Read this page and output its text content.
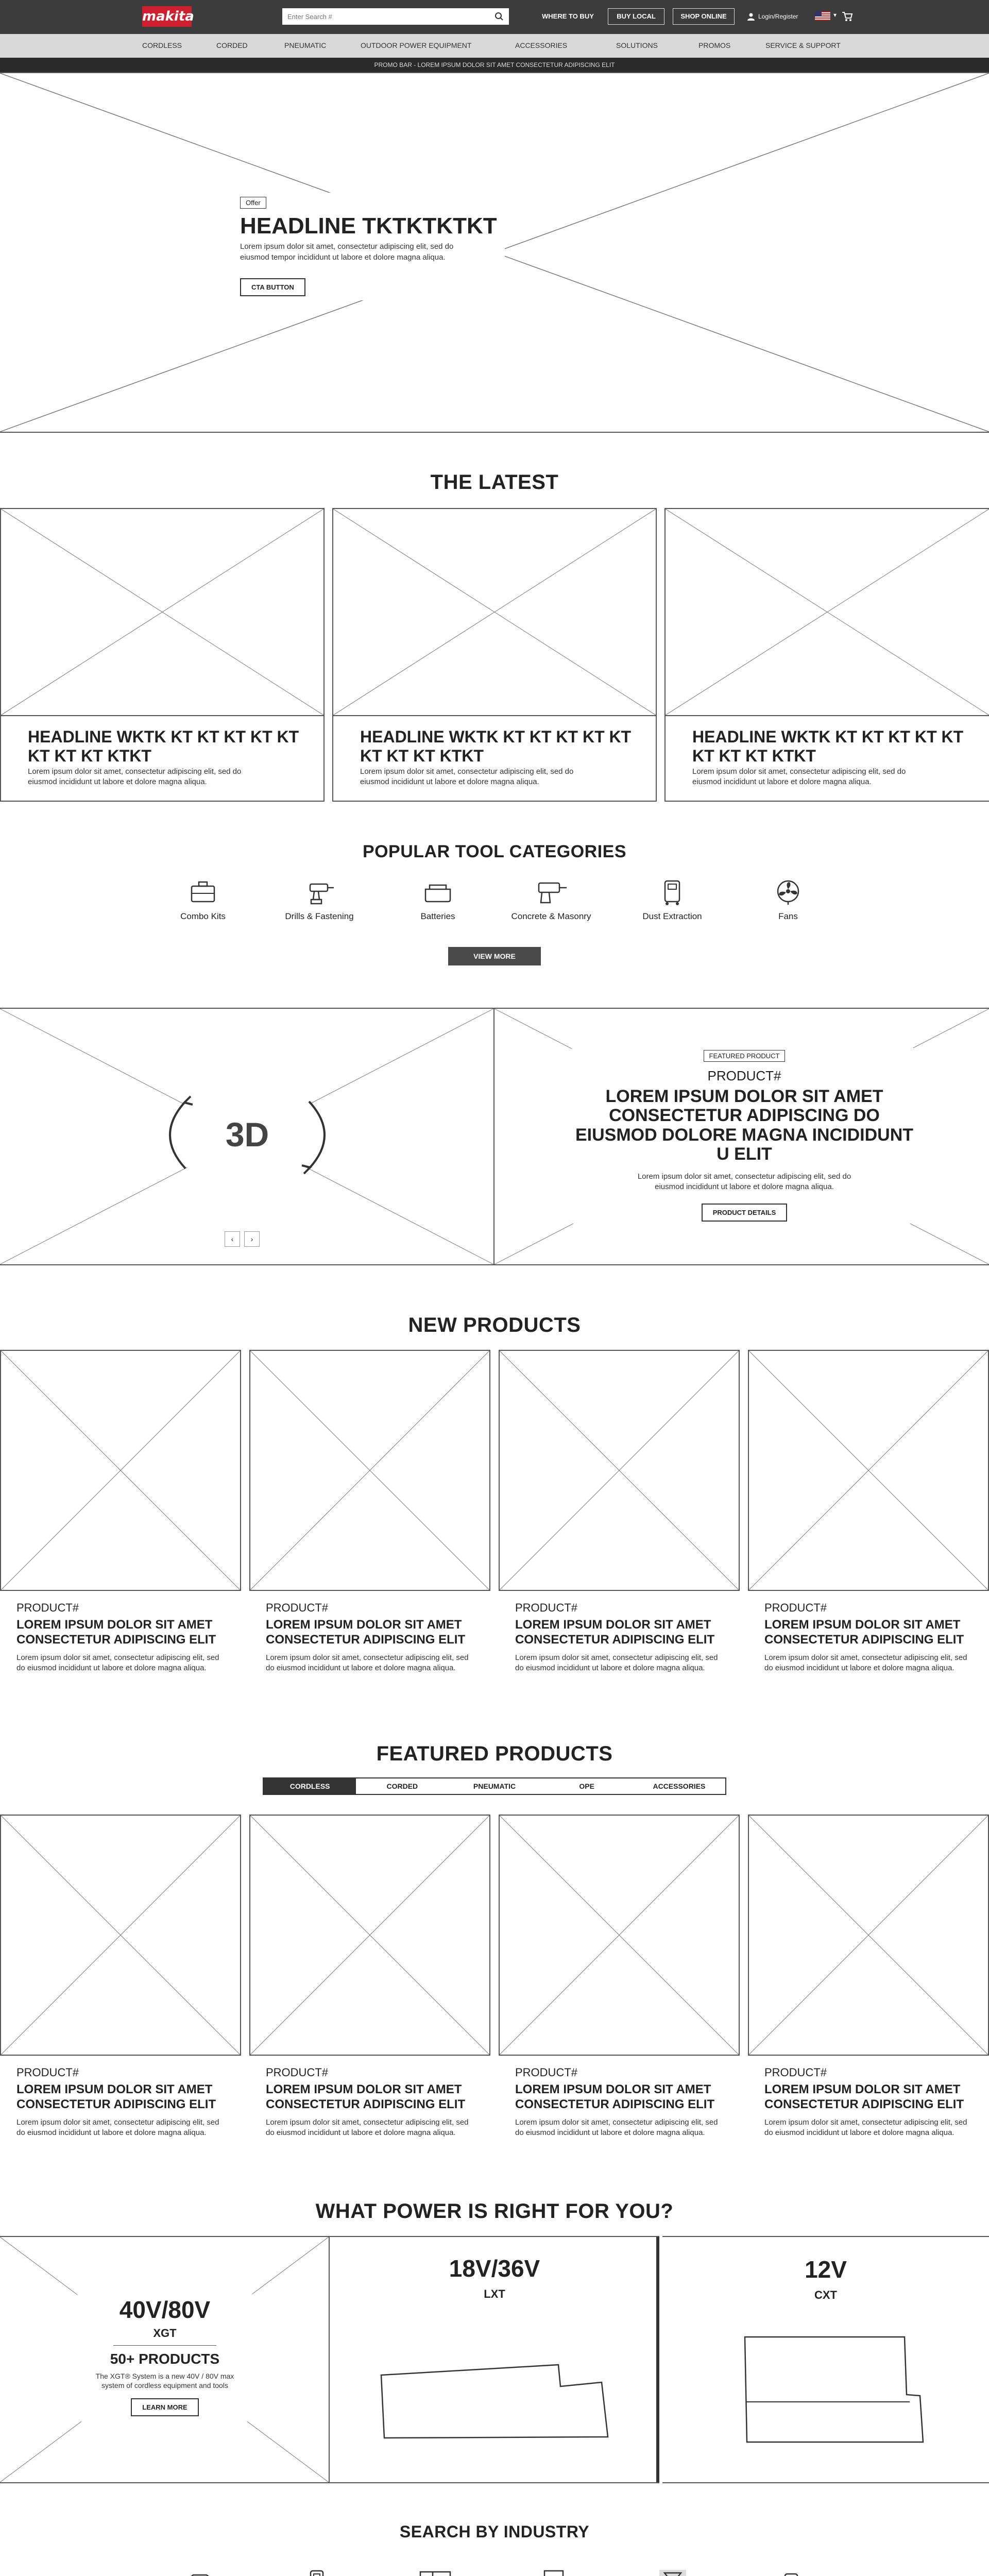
makita
Enter Search #	WHERE TO BUY	BUY LOCAL	SHOP ONLINE	Login/Register	▾
CORDLESS	CORDED	PNEUMATIC	OUTDOOR POWER EQUIPMENT	ACCESSORIES	SOLUTIONS	PROMOS	SERVICE & SUPPORT
PROMO BAR - LOREM IPSUM DOLOR SIT AMET CONSECTETUR ADIPISCING ELIT
Offer
HEADLINE TKTKTKTKT
Lorem ipsum dolor sit amet, consectetur adipiscing elit, sed do eiusmod tempor incididunt ut labore et dolore magna aliqua.
CTA BUTTON
THE LATEST
HEADLINE WKTK KT KT KT KT KT KT KT KT KTKT
Lorem ipsum dolor sit amet, consectetur adipiscing elit, sed do eiusmod incididunt ut labore et dolore magna aliqua.
HEADLINE WKTK KT KT KT KT KT KT KT KT KTKT
Lorem ipsum dolor sit amet, consectetur adipiscing elit, sed do eiusmod incididunt ut labore et dolore magna aliqua.
HEADLINE WKTK KT KT KT KT KT KT KT KT KTKT
Lorem ipsum dolor sit amet, consectetur adipiscing elit, sed do eiusmod incididunt ut labore et dolore magna aliqua.
POPULAR TOOL CATEGORIES
Combo Kits	Drills & Fastening	Batteries	Concrete & Masonry	Dust Extraction	Fans
VIEW MORE
3D
‹	›
FEATURED PRODUCT
PRODUCT#
LOREM IPSUM DOLOR SIT AMET CONSECTETUR ADIPISCING DO EIUSMOD DOLORE MAGNA INCIDIDUNT U ELIT
Lorem ipsum dolor sit amet, consectetur adipiscing elit, sed do eiusmod incididunt ut labore et dolore magna aliqua.
PRODUCT DETAILS
NEW PRODUCTS
PRODUCT#
LOREM IPSUM DOLOR SIT AMET CONSECTETUR ADIPISCING ELIT
Lorem ipsum dolor sit amet, consectetur adipiscing elit, sed do eiusmod incididunt ut labore et dolore magna aliqua.
PRODUCT#
LOREM IPSUM DOLOR SIT AMET CONSECTETUR ADIPISCING ELIT
Lorem ipsum dolor sit amet, consectetur adipiscing elit, sed do eiusmod incididunt ut labore et dolore magna aliqua.
PRODUCT#
LOREM IPSUM DOLOR SIT AMET CONSECTETUR ADIPISCING ELIT
Lorem ipsum dolor sit amet, consectetur adipiscing elit, sed do eiusmod incididunt ut labore et dolore magna aliqua.
PRODUCT#
LOREM IPSUM DOLOR SIT AMET CONSECTETUR ADIPISCING ELIT
Lorem ipsum dolor sit amet, consectetur adipiscing elit, sed do eiusmod incididunt ut labore et dolore magna aliqua.
FEATURED PRODUCTS
CORDLESS	CORDED	PNEUMATIC	OPE	ACCESSORIES
PRODUCT#
LOREM IPSUM DOLOR SIT AMET CONSECTETUR ADIPISCING ELIT
Lorem ipsum dolor sit amet, consectetur adipiscing elit, sed do eiusmod incididunt ut labore et dolore magna aliqua.
PRODUCT#
LOREM IPSUM DOLOR SIT AMET CONSECTETUR ADIPISCING ELIT
Lorem ipsum dolor sit amet, consectetur adipiscing elit, sed do eiusmod incididunt ut labore et dolore magna aliqua.
PRODUCT#
LOREM IPSUM DOLOR SIT AMET CONSECTETUR ADIPISCING ELIT
Lorem ipsum dolor sit amet, consectetur adipiscing elit, sed do eiusmod incididunt ut labore et dolore magna aliqua.
PRODUCT#
LOREM IPSUM DOLOR SIT AMET CONSECTETUR ADIPISCING ELIT
Lorem ipsum dolor sit amet, consectetur adipiscing elit, sed do eiusmod incididunt ut labore et dolore magna aliqua.
WHAT POWER IS RIGHT FOR YOU?
40V/80V
XGT
50+ PRODUCTS
The XGT® System is a new 40V / 80V max system of cordless equipment and tools
LEARN MORE
18V/36V
LXT
12V
CXT
SEARCH BY INDUSTRY
